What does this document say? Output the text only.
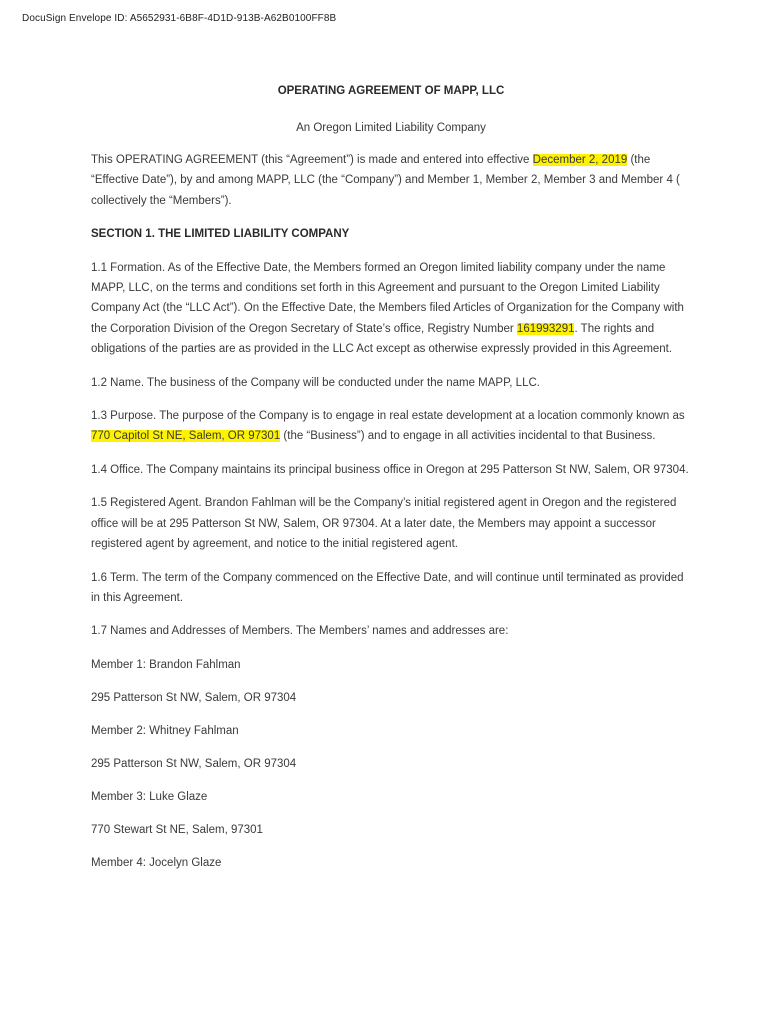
DocuSign Envelope ID: A5652931-6B8F-4D1D-913B-A62B0100FF8B
OPERATING AGREEMENT OF MAPP, LLC
An Oregon Limited Liability Company

This OPERATING AGREEMENT (this “Agreement”) is made and entered into effective December 2, 2019 (the “Effective Date”), by and among MAPP, LLC (the “Company”) and Member 1, Member 2, Member 3 and Member 4 ( collectively the “Members”).

SECTION 1. THE LIMITED LIABILITY COMPANY

1.1 Formation. As of the Effective Date, the Members formed an Oregon limited liability company under the name MAPP, LLC, on the terms and conditions set forth in this Agreement and pursuant to the Oregon Limited Liability Company Act (the “LLC Act”). On the Effective Date, the Members filed Articles of Organization for the Company with the Corporation Division of the Oregon Secretary of State’s office, Registry Number 161993291. The rights and obligations of the parties are as provided in the LLC Act except as otherwise expressly provided in this Agreement.

1.2 Name. The business of the Company will be conducted under the name MAPP, LLC.

1.3 Purpose. The purpose of the Company is to engage in real estate development at a location commonly known as 770 Capitol St NE, Salem, OR 97301 (the “Business”) and to engage in all activities incidental to that Business.

1.4 Office. The Company maintains its principal business office in Oregon at 295 Patterson St NW, Salem, OR 97304.

1.5 Registered Agent. Brandon Fahlman will be the Company’s initial registered agent in Oregon and the registered office will be at 295 Patterson St NW, Salem, OR 97304. At a later date, the Members may appoint a successor registered agent by agreement, and notice to the initial registered agent.

1.6 Term. The term of the Company commenced on the Effective Date, and will continue until terminated as provided in this Agreement.

1.7 Names and Addresses of Members. The Members’ names and addresses are:

Member 1: Brandon Fahlman
295 Patterson St NW, Salem, OR 97304
Member 2: Whitney Fahlman
295 Patterson St NW, Salem, OR 97304
Member 3: Luke Glaze
770 Stewart St NE, Salem, 97301
Member 4: Jocelyn Glaze
